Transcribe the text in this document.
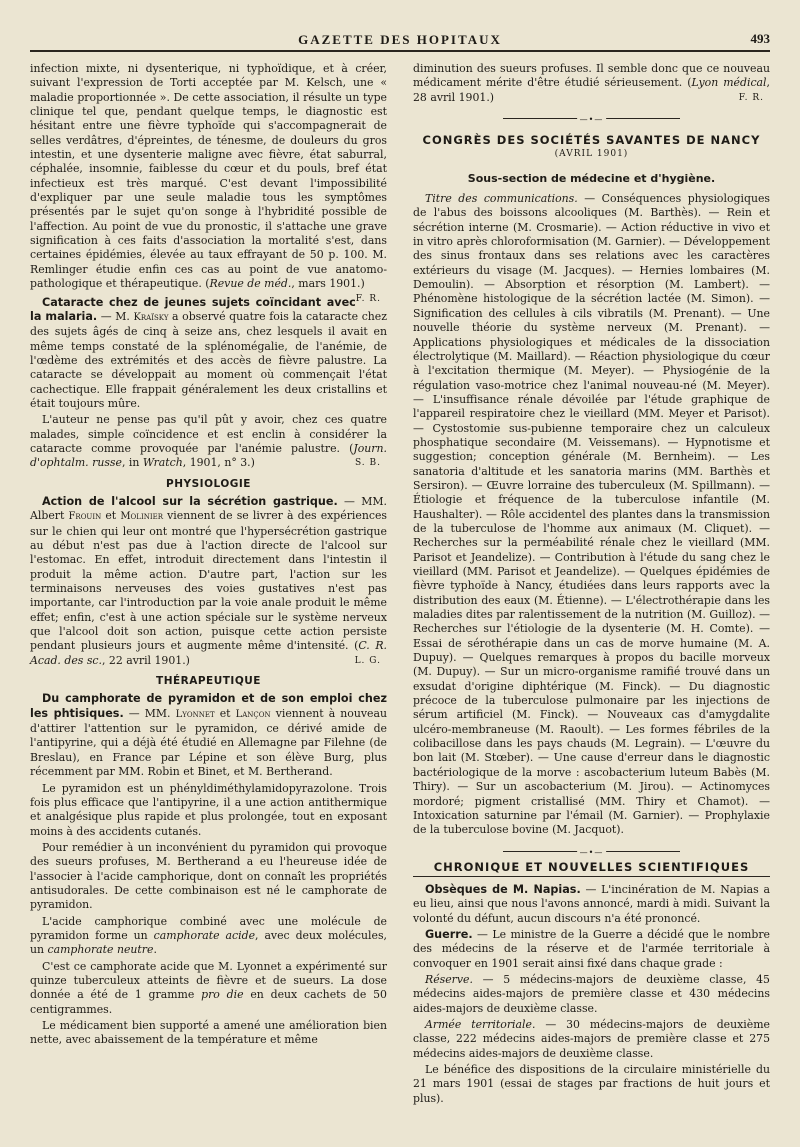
GAZETTE DES HOPITAUX	493

infection mixte, ni dysenterique, ni typhoïdique, et à créer, suivant l'expression de Torti acceptée par M. Kelsch, une « maladie proportionnée ». De cette association, il résulte un type clinique tel que, pendant quelque temps, le diagnostic est hésitant entre une fièvre typhoïde qui s'accompagnerait de selles verdâtres, d'épreintes, de ténesme, de douleurs du gros intestin, et une dysenterie maligne avec fièvre, état saburral, céphalée, insomnie, faiblesse du cœur et du pouls, bref état infectieux est très marqué. C'est devant l'impossibilité d'expliquer par une seule maladie tous les symptômes présentés par le sujet qu'on songe à l'hybridité possible de l'affection. Au point de vue du pronostic, il s'attache une grave signification à ces faits d'association la mortalité s'est, dans certaines épidémies, élevée au taux effrayant de 50 p. 100. M. Remlinger étudie enfin ces cas au point de vue anatomo-pathologique et thérapeutique. (Revue de méd., mars 1901.)
F. R.

Cataracte chez de jeunes sujets coïncidant avec la malaria. — M. Kraïsky a observé quatre fois la cataracte chez des sujets âgés de cinq à seize ans, chez lesquels il avait en même temps constaté de la splénomégalie, de l'anémie, de l'œdème des extrémités et des accès de fièvre palustre. La cataracte se développait au moment où commençait l'état cachectique. Elle frappait généralement les deux cristallins et était toujours mûre.

L'auteur ne pense pas qu'il pût y avoir, chez ces quatre malades, simple coïncidence et est enclin à considérer la cataracte comme provoquée par l'anémie palustre. (Journ. d'ophtalm. russe, in Wratch, 1901, n° 3.)	S. B.

PHYSIOLOGIE

Action de l'alcool sur la sécrétion gastrique. — MM. Albert Frouin et Molinier viennent de se livrer à des expériences sur le chien qui leur ont montré que l'hypersécrétion gastrique au début n'est pas due à l'action directe de l'alcool sur l'estomac. En effet, introduit directement dans l'intestin il produit la même action. D'autre part, l'action sur les terminaisons nerveuses des voies gustatives n'est pas importante, car l'introduction par la voie anale produit le même effet; enfin, c'est à une action spéciale sur le système nerveux que l'alcool doit son action, puisque cette action persiste pendant plusieurs jours et augmente même d'intensité. (C. R. Acad. des sc., 22 avril 1901.)	L. G.

THÉRAPEUTIQUE

Du camphorate de pyramidon et de son emploi chez les phtisiques. — MM. Lyonnet et Lançon viennent à nouveau d'attirer l'attention sur le pyramidon, ce dérivé amide de l'antipyrine, qui a déjà été étudié en Allemagne par Filehne (de Breslau), en France par Lépine et son élève Burg, plus récemment par MM. Robin et Binet, et M. Bertherand.

Le pyramidon est un phényldiméthylamidopyrazolone. Trois fois plus efficace que l'antipyrine, il a une action antithermique et analgésique plus rapide et plus prolongée, tout en exposant moins à des accidents cutanés.

Pour remédier à un inconvénient du pyramidon qui provoque des sueurs profuses, M. Bertherand a eu l'heureuse idée de l'associer à l'acide camphorique, dont on connaît les propriétés antisudorales. De cette combinaison est né le camphorate de pyramidon.

L'acide camphorique combiné avec une molécule de pyramidon forme un camphorate acide, avec deux molécules, un camphorate neutre.

C'est ce camphorate acide que M. Lyonnet a expérimenté sur quinze tuberculeux atteints de fièvre et de sueurs. La dose donnée a été de 1 gramme pro die en deux cachets de 50 centigrammes.

Le médicament bien supporté a amené une amélioration bien nette, avec abaissement de la température et même

diminution des sueurs profuses. Il semble donc que ce nouveau médicament mérite d'être étudié sérieusement. (Lyon médical, 28 avril 1901.)	F. R.

—•—
CONGRÈS DES SOCIÉTÉS SAVANTES DE NANCY
(AVRIL 1901)
Sous-section de médecine et d'hygiène.

Titre des communications. — Conséquences physiologiques de l'abus des boissons alcooliques (M. Barthès). — Rein et sécrétion interne (M. Crosmarie). — Action réductive in vivo et in vitro après chloroformisation (M. Garnier). — Développement des sinus frontaux dans ses relations avec les caractères extérieurs du visage (M. Jacques). — Hernies lombaires (M. Demoulin). — Absorption et résorption (M. Lambert). — Phénomène histologique de la sécrétion lactée (M. Simon). — Signification des cellules à cils vibratils (M. Prenant). — Une nouvelle théorie du système nerveux (M. Prenant). — Applications physiologiques et médicales de la dissociation électrolytique (M. Maillard). — Réaction physiologique du cœur à l'excitation thermique (M. Meyer). — Physiogénie de la régulation vaso-motrice chez l'animal nouveau-né (M. Meyer). — L'insuffisance rénale dévoilée par l'étude graphique de l'appareil respiratoire chez le vieillard (MM. Meyer et Parisot). — Cystostomie sus-pubienne temporaire chez un calculeux phosphatique secondaire (M. Veissemans). — Hypnotisme et suggestion; conception générale (M. Bernheim). — Les sanatoria d'altitude et les sanatoria marins (MM. Barthès et Sersiron). — Œuvre lorraine des tuberculeux (M. Spillmann). — Étiologie et fréquence de la tuberculose infantile (M. Haushalter). — Rôle accidentel des plantes dans la transmission de la tuberculose de l'homme aux animaux (M. Cliquet). — Recherches sur la perméabilité rénale chez le vieillard (MM. Parisot et Jeandelize). — Contribution à l'étude du sang chez le vieillard (MM. Parisot et Jeandelize). — Quelques épidémies de fièvre typhoïde à Nancy, étudiées dans leurs rapports avec la distribution des eaux (M. Étienne). — L'électrothérapie dans les maladies dites par ralentissement de la nutrition (M. Guilloz). — Recherches sur l'étiologie de la dysenterie (M. H. Comte). — Essai de sérothérapie dans un cas de morve humaine (M. A. Dupuy). — Quelques remarques à propos du bacille morveux (M. Dupuy). — Sur un micro-organisme ramifié trouvé dans un exsudat d'origine diphtérique (M. Finck). — Du diagnostic précoce de la tuberculose pulmonaire par les injections de sérum artificiel (M. Finck). — Nouveaux cas d'amygdalite ulcéro-membraneuse (M. Raoult). — Les formes fébriles de la colibacillose dans les pays chauds (M. Legrain). — L'œuvre du bon lait (M. Stœber). — Une cause d'erreur dans le diagnostic bactériologique de la morve : ascobacterium luteum Babès (M. Thiry). — Sur un ascobacterium (M. Jirou). — Actinomyces mordoré; pigment cristallisé (MM. Thiry et Chamot). — Intoxication saturnine par l'émail (M. Garnier). — Prophylaxie de la tuberculose bovine (M. Jacquot).

—•—
CHRONIQUE ET NOUVELLES SCIENTIFIQUES

Obsèques de M. Napias. — L'incinération de M. Napias a eu lieu, ainsi que nous l'avons annoncé, mardi à midi. Suivant la volonté du défunt, aucun discours n'a été prononcé.

Guerre. — Le ministre de la Guerre a décidé que le nombre des médecins de la réserve et de l'armée territoriale à convoquer en 1901 serait ainsi fixé dans chaque grade :

Réserve. — 5 médecins-majors de deuxième classe, 45 médecins aides-majors de première classe et 430 médecins aides-majors de deuxième classe.

Armée territoriale. — 30 médecins-majors de deuxième classe, 222 médecins aides-majors de première classe et 275 médecins aides-majors de deuxième classe.

Le bénéfice des dispositions de la circulaire ministérielle du 21 mars 1901 (essai de stages par fractions de huit jours et plus).
